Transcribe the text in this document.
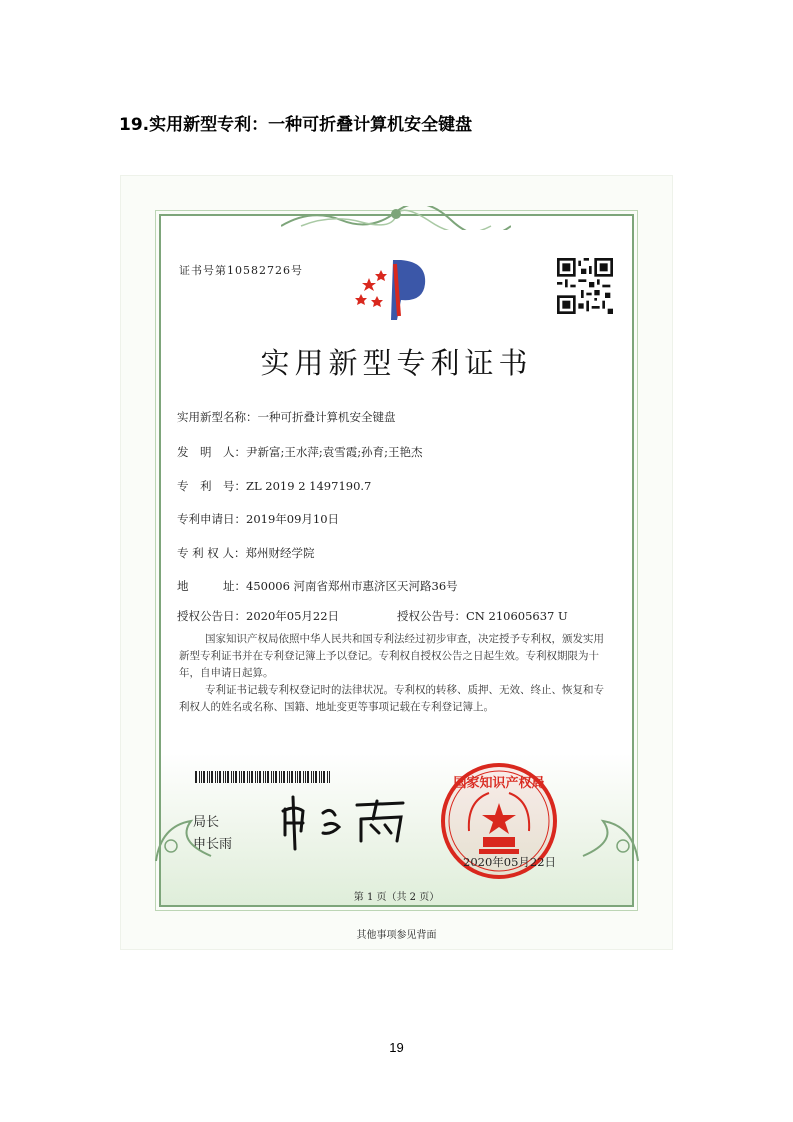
19.实用新型专利：一种可折叠计算机安全键盘
证书号第10582726号
实用新型专利证书
实用新型名称：一种可折叠计算机安全键盘
发　明　人：尹新富;王水萍;袁雪霞;孙育;王艳杰
专　利　号：ZL 2019 2 1497190.7
专利申请日：2019年09月10日
专 利 权 人：郑州财经学院
地　　　址：450006 河南省郑州市惠济区天河路36号
授权公告日：2020年05月22日	授权公告号：CN 210605637 U
国家知识产权局依照中华人民共和国专利法经过初步审查，决定授予专利权，颁发实用新型专利证书并在专利登记簿上予以登记。专利权自授权公告之日起生效。专利权期限为十年，自申请日起算。
专利证书记载专利权登记时的法律状况。专利权的转移、质押、无效、终止、恢复和专利权人的姓名或名称、国籍、地址变更等事项记载在专利登记簿上。
局长
申长雨
国家知识产权局
2020年05月22日
第 1 页（共 2 页）
其他事项参见背面
19
